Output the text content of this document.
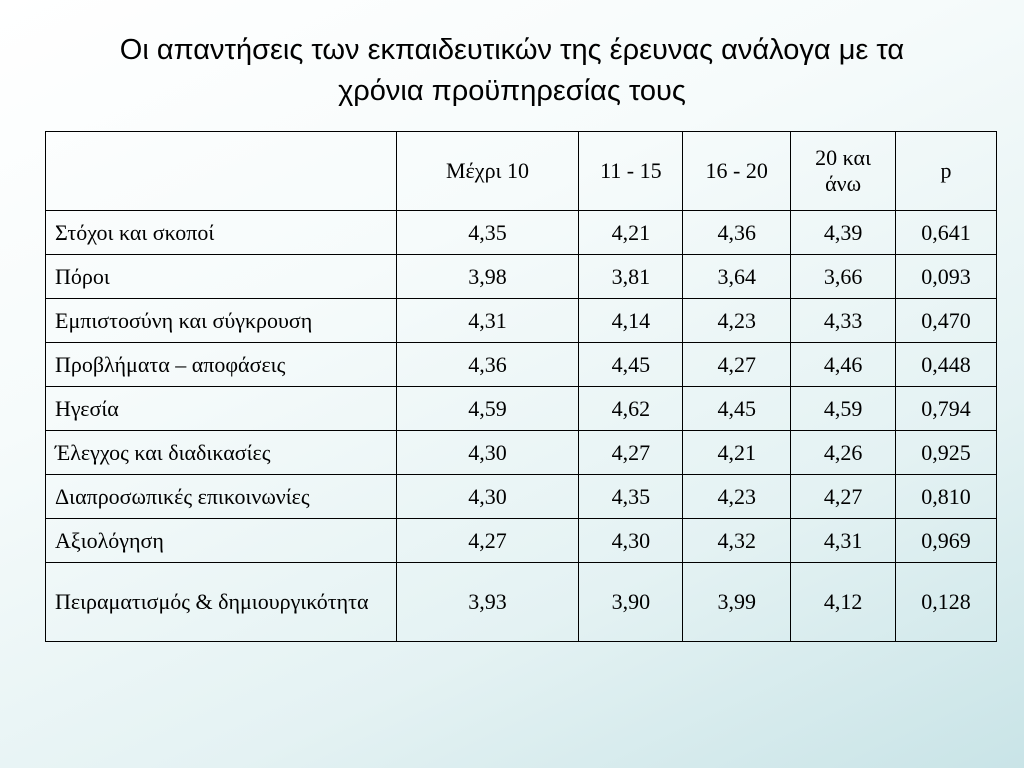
Οι απαντήσεις των εκπαιδευτικών της έρευνας ανάλογα με τα
χρόνια προϋπηρεσίας τους
	Μέχρι 10	11 - 15	16 - 20	20 και άνω	p
Στόχοι και σκοποί	4,35	4,21	4,36	4,39	0,641
Πόροι	3,98	3,81	3,64	3,66	0,093
Εμπιστοσύνη και σύγκρουση	4,31	4,14	4,23	4,33	0,470
Προβλήματα – αποφάσεις	4,36	4,45	4,27	4,46	0,448
Ηγεσία	4,59	4,62	4,45	4,59	0,794
Έλεγχος και διαδικασίες	4,30	4,27	4,21	4,26	0,925
Διαπροσωπικές επικοινωνίες	4,30	4,35	4,23	4,27	0,810
Αξιολόγηση	4,27	4,30	4,32	4,31	0,969
Πειραματισμός & δημιουργικότητα	3,93	3,90	3,99	4,12	0,128
